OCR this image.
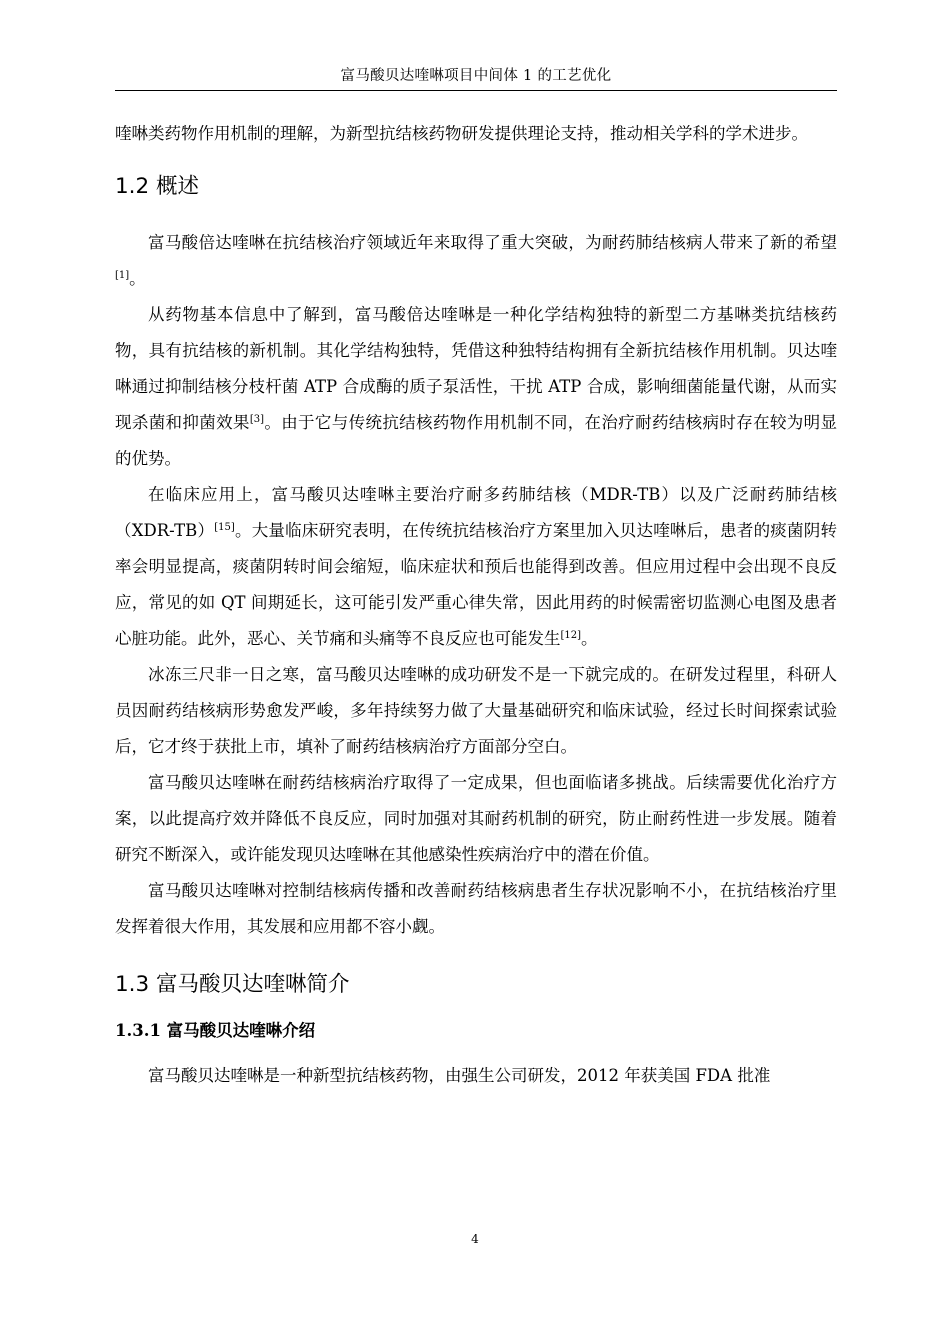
富马酸贝达喹啉项目中间体 1 的工艺优化

喹啉类药物作用机制的理解，为新型抗结核药物研发提供理论支持，推动相关学科的学术进步。

1.2 概述

富马酸倍达喹啉在抗结核治疗领域近年来取得了重大突破，为耐药肺结核病人带来了新的希望[1]。

从药物基本信息中了解到，富马酸倍达喹啉是一种化学结构独特的新型二方基啉类抗结核药物，具有抗结核的新机制。其化学结构独特，凭借这种独特结构拥有全新抗结核作用机制。贝达喹啉通过抑制结核分枝杆菌 ATP 合成酶的质子泵活性，干扰 ATP 合成，影响细菌能量代谢，从而实现杀菌和抑菌效果[3]。由于它与传统抗结核药物作用机制不同，在治疗耐药结核病时存在较为明显的优势。

在临床应用上，富马酸贝达喹啉主要治疗耐多药肺结核（MDR-TB）以及广泛耐药肺结核（XDR-TB）[15]。大量临床研究表明，在传统抗结核治疗方案里加入贝达喹啉后，患者的痰菌阴转率会明显提高，痰菌阴转时间会缩短，临床症状和预后也能得到改善。但应用过程中会出现不良反应，常见的如 QT 间期延长，这可能引发严重心律失常，因此用药的时候需密切监测心电图及患者心脏功能。此外，恶心、关节痛和头痛等不良反应也可能发生[12]。

冰冻三尺非一日之寒，富马酸贝达喹啉的成功研发不是一下就完成的。在研发过程里，科研人员因耐药结核病形势愈发严峻，多年持续努力做了大量基础研究和临床试验，经过长时间探索试验后，它才终于获批上市，填补了耐药结核病治疗方面部分空白。

富马酸贝达喹啉在耐药结核病治疗取得了一定成果，但也面临诸多挑战。后续需要优化治疗方案，以此提高疗效并降低不良反应，同时加强对其耐药机制的研究，防止耐药性进一步发展。随着研究不断深入，或许能发现贝达喹啉在其他感染性疾病治疗中的潜在价值。

富马酸贝达喹啉对控制结核病传播和改善耐药结核病患者生存状况影响不小，在抗结核治疗里发挥着很大作用，其发展和应用都不容小觑。

1.3 富马酸贝达喹啉简介
1.3.1 富马酸贝达喹啉介绍

富马酸贝达喹啉是一种新型抗结核药物，由强生公司研发，2012 年获美国 FDA 批准

4
